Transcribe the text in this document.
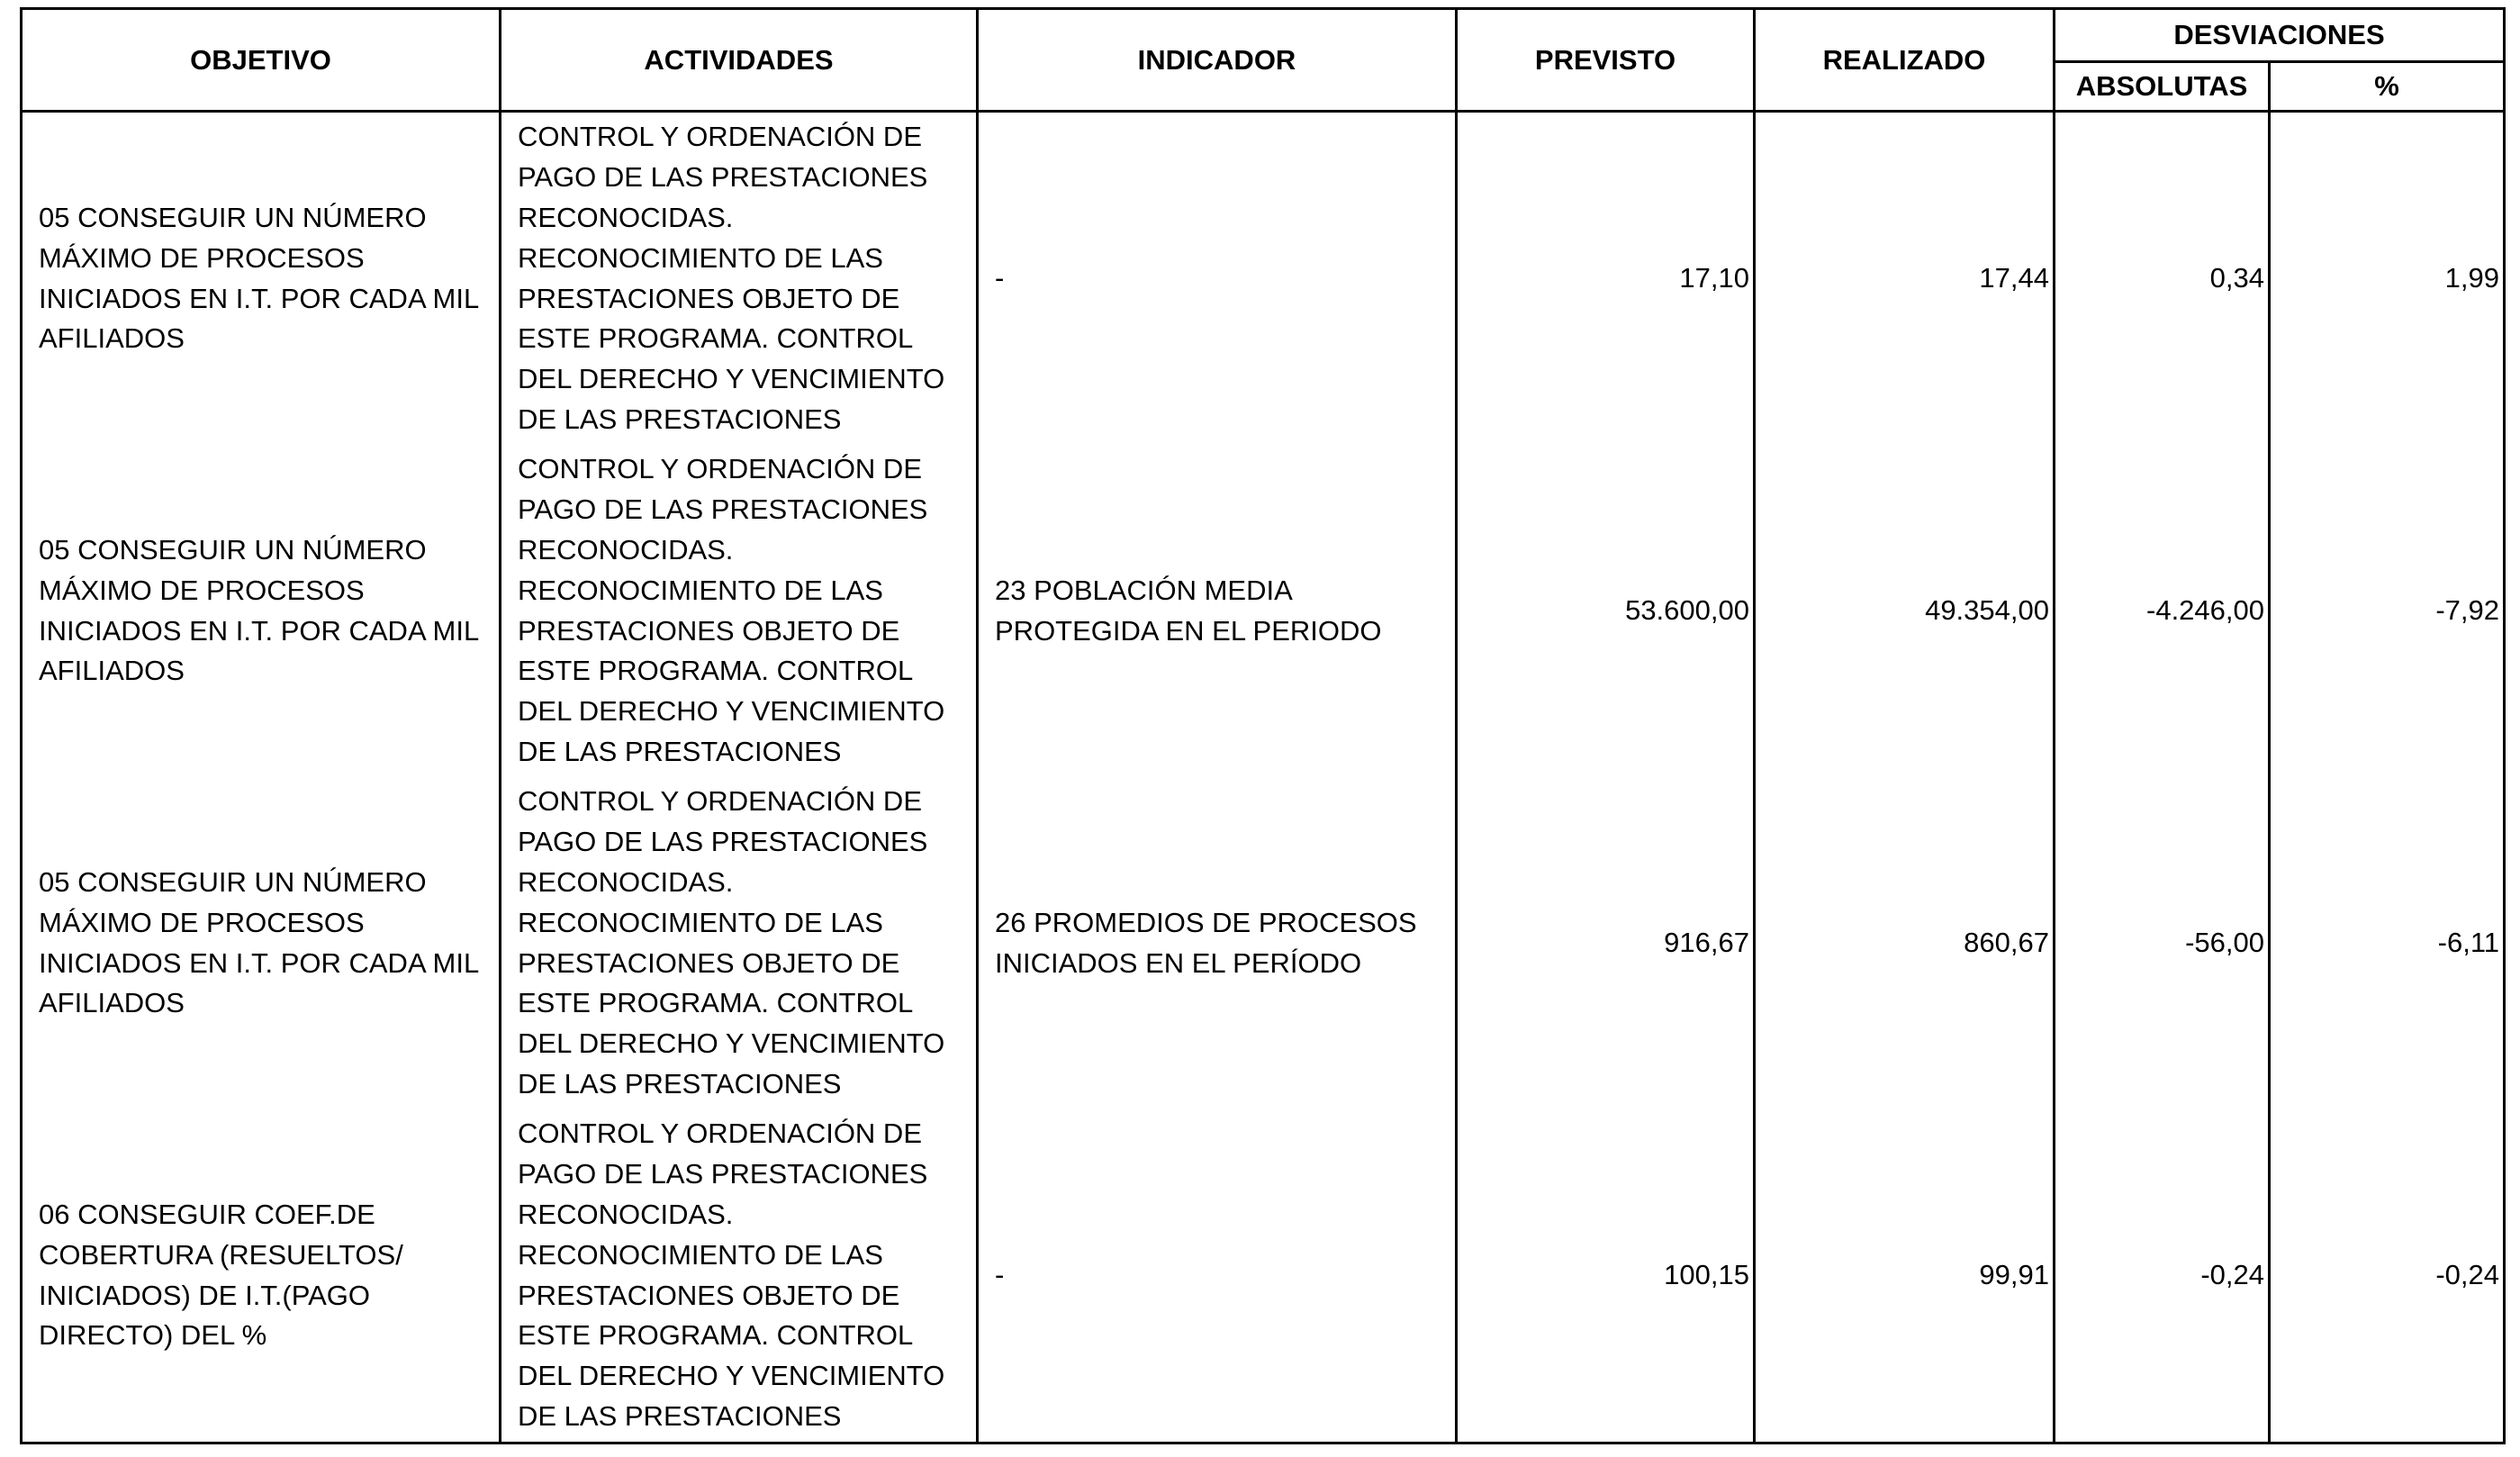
OBJETIVO	ACTIVIDADES	INDICADOR	PREVISTO	REALIZADO	DESVIACIONES	
					ABSOLUTAS	%
05 CONSEGUIR UN NÚMERO MÁXIMO DE PROCESOS INICIADOS EN I.T. POR CADA MIL AFILIADOS	CONTROL Y ORDENACIÓN DE PAGO DE LAS PRESTACIONES RECONOCIDAS. RECONOCIMIENTO DE LAS PRESTACIONES OBJETO DE ESTE PROGRAMA. CONTROL DEL DERECHO Y VENCIMIENTO DE LAS PRESTACIONES	-	17,10	17,44	0,34	1,99
05 CONSEGUIR UN NÚMERO MÁXIMO DE PROCESOS INICIADOS EN I.T. POR CADA MIL AFILIADOS	CONTROL Y ORDENACIÓN DE PAGO DE LAS PRESTACIONES RECONOCIDAS. RECONOCIMIENTO DE LAS PRESTACIONES OBJETO DE ESTE PROGRAMA. CONTROL DEL DERECHO Y VENCIMIENTO DE LAS PRESTACIONES	23 POBLACIÓN MEDIA PROTEGIDA EN EL PERIODO	53.600,00	49.354,00	-4.246,00	-7,92
05 CONSEGUIR UN NÚMERO MÁXIMO DE PROCESOS INICIADOS EN I.T. POR CADA MIL AFILIADOS	CONTROL Y ORDENACIÓN DE PAGO DE LAS PRESTACIONES RECONOCIDAS. RECONOCIMIENTO DE LAS PRESTACIONES OBJETO DE ESTE PROGRAMA. CONTROL DEL DERECHO Y VENCIMIENTO DE LAS PRESTACIONES	26 PROMEDIOS DE PROCESOS INICIADOS EN EL PERÍODO	916,67	860,67	-56,00	-6,11
06 CONSEGUIR COEF.DE COBERTURA (RESUELTOS/ INICIADOS) DE I.T.(PAGO DIRECTO) DEL %	CONTROL Y ORDENACIÓN DE PAGO DE LAS PRESTACIONES RECONOCIDAS. RECONOCIMIENTO DE LAS PRESTACIONES OBJETO DE ESTE PROGRAMA. CONTROL DEL DERECHO Y VENCIMIENTO DE LAS PRESTACIONES	-	100,15	99,91	-0,24	-0,24
